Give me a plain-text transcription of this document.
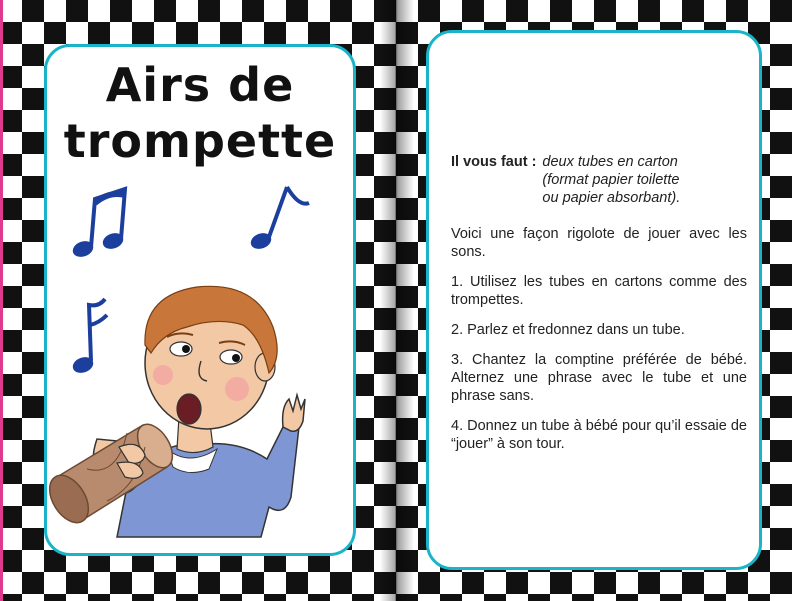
Airs de
trompette	Il vous faut : deux tubes en carton
(format papier toilette
ou papier absorbant).

Voici une façon rigolote de jouer avec les sons.

1. Utilisez les tubes en cartons comme des trompettes.

2. Parlez et fredonnez dans un tube.

3. Chantez la comptine préférée de bébé. Alternez une phrase avec le tube et une phrase sans.

4. Donnez un tube à bébé pour qu’il essaie de “jouer” à son tour.
